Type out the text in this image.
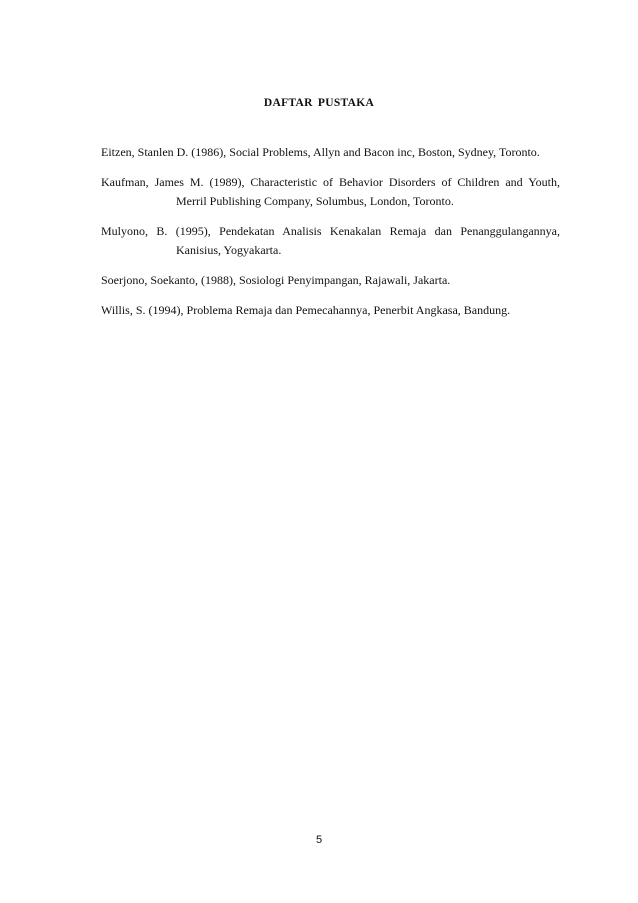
DAFTAR PUSTAKA

Eitzen, Stanlen D. (1986), Social Problems, Allyn and Bacon inc, Boston, Sydney, Toronto.

Kaufman, James M. (1989), Characteristic of Behavior Disorders of Children and Youth, Merril Publishing Company, Solumbus, London, Toronto.

Mulyono, B. (1995), Pendekatan Analisis Kenakalan Remaja dan Penanggulangannya, Kanisius, Yogyakarta.

Soerjono, Soekanto, (1988), Sosiologi Penyimpangan, Rajawali, Jakarta.

Willis, S. (1994), Problema Remaja dan Pemecahannya, Penerbit Angkasa, Bandung.

5
